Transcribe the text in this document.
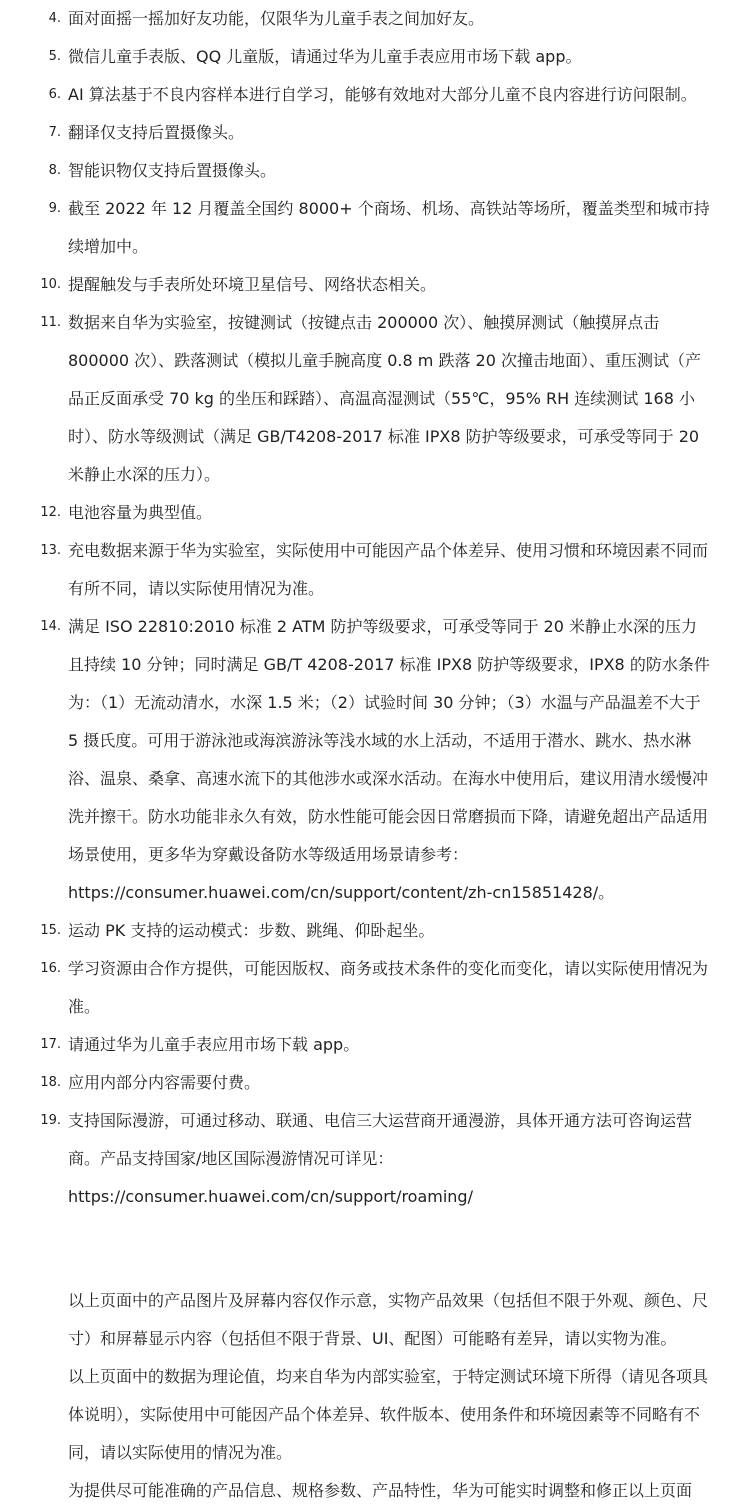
4. 面对面摇一摇加好友功能，仅限华为儿童手表之间加好友。
5. 微信儿童手表版、QQ 儿童版，请通过华为儿童手表应用市场下载 app。
6. AI 算法基于不良内容样本进行自学习，能够有效地对大部分儿童不良内容进行访问限制。
7. 翻译仅支持后置摄像头。
8. 智能识物仅支持后置摄像头。
9. 截至 2022 年 12 月覆盖全国约 8000+ 个商场、机场、高铁站等场所，覆盖类型和城市持续增加中。
10. 提醒触发与手表所处环境卫星信号、网络状态相关。
11. 数据来自华为实验室，按键测试（按键点击 200000 次）、触摸屏测试（触摸屏点击 800000 次）、跌落测试（模拟儿童手腕高度 0.8 m 跌落 20 次撞击地面）、重压测试（产品正反面承受 70 kg 的坐压和踩踏）、高温高湿测试（55℃，95% RH 连续测试 168 小时）、防水等级测试（满足 GB/T4208-2017 标准 IPX8 防护等级要求，可承受等同于 20 米静止水深的压力）。
12. 电池容量为典型值。
13. 充电数据来源于华为实验室，实际使用中可能因产品个体差异、使用习惯和环境因素不同而有所不同，请以实际使用情况为准。
14. 满足 ISO 22810:2010 标准 2 ATM 防护等级要求，可承受等同于 20 米静止水深的压力且持续 10 分钟；同时满足 GB/T 4208-2017 标准 IPX8 防护等级要求，IPX8 的防水条件为：（1）无流动清水，水深 1.5 米；（2）试验时间 30 分钟；（3）水温与产品温差不大于 5 摄氏度。可用于游泳池或海滨游泳等浅水域的水上活动，不适用于潜水、跳水、热水淋浴、温泉、桑拿、高速水流下的其他涉水或深水活动。在海水中使用后，建议用清水缓慢冲洗并擦干。防水功能非永久有效，防水性能可能会因日常磨损而下降，请避免超出产品适用场景使用，更多华为穿戴设备防水等级适用场景请参考：https://consumer.huawei.com/cn/support/content/zh-cn15851428/。
15. 运动 PK 支持的运动模式：步数、跳绳、仰卧起坐。
16. 学习资源由合作方提供，可能因版权、商务或技术条件的变化而变化，请以实际使用情况为准。
17. 请通过华为儿童手表应用市场下载 app。
18. 应用内部分内容需要付费。
19. 支持国际漫游，可通过移动、联通、电信三大运营商开通漫游，具体开通方法可咨询运营商。产品支持国家/地区国际漫游情况可详见：https://consumer.huawei.com/cn/support/roaming/

以上页面中的产品图片及屏幕内容仅作示意，实物产品效果（包括但不限于外观、颜色、尺寸）和屏幕显示内容（包括但不限于背景、UI、配图）可能略有差异，请以实物为准。

以上页面中的数据为理论值，均来自华为内部实验室，于特定测试环境下所得（请见各项具体说明），实际使用中可能因产品个体差异、软件版本、使用条件和环境因素等不同略有不同，请以实际使用的情况为准。

为提供尽可能准确的产品信息、规格参数、产品特性，华为可能实时调整和修正以上页面
